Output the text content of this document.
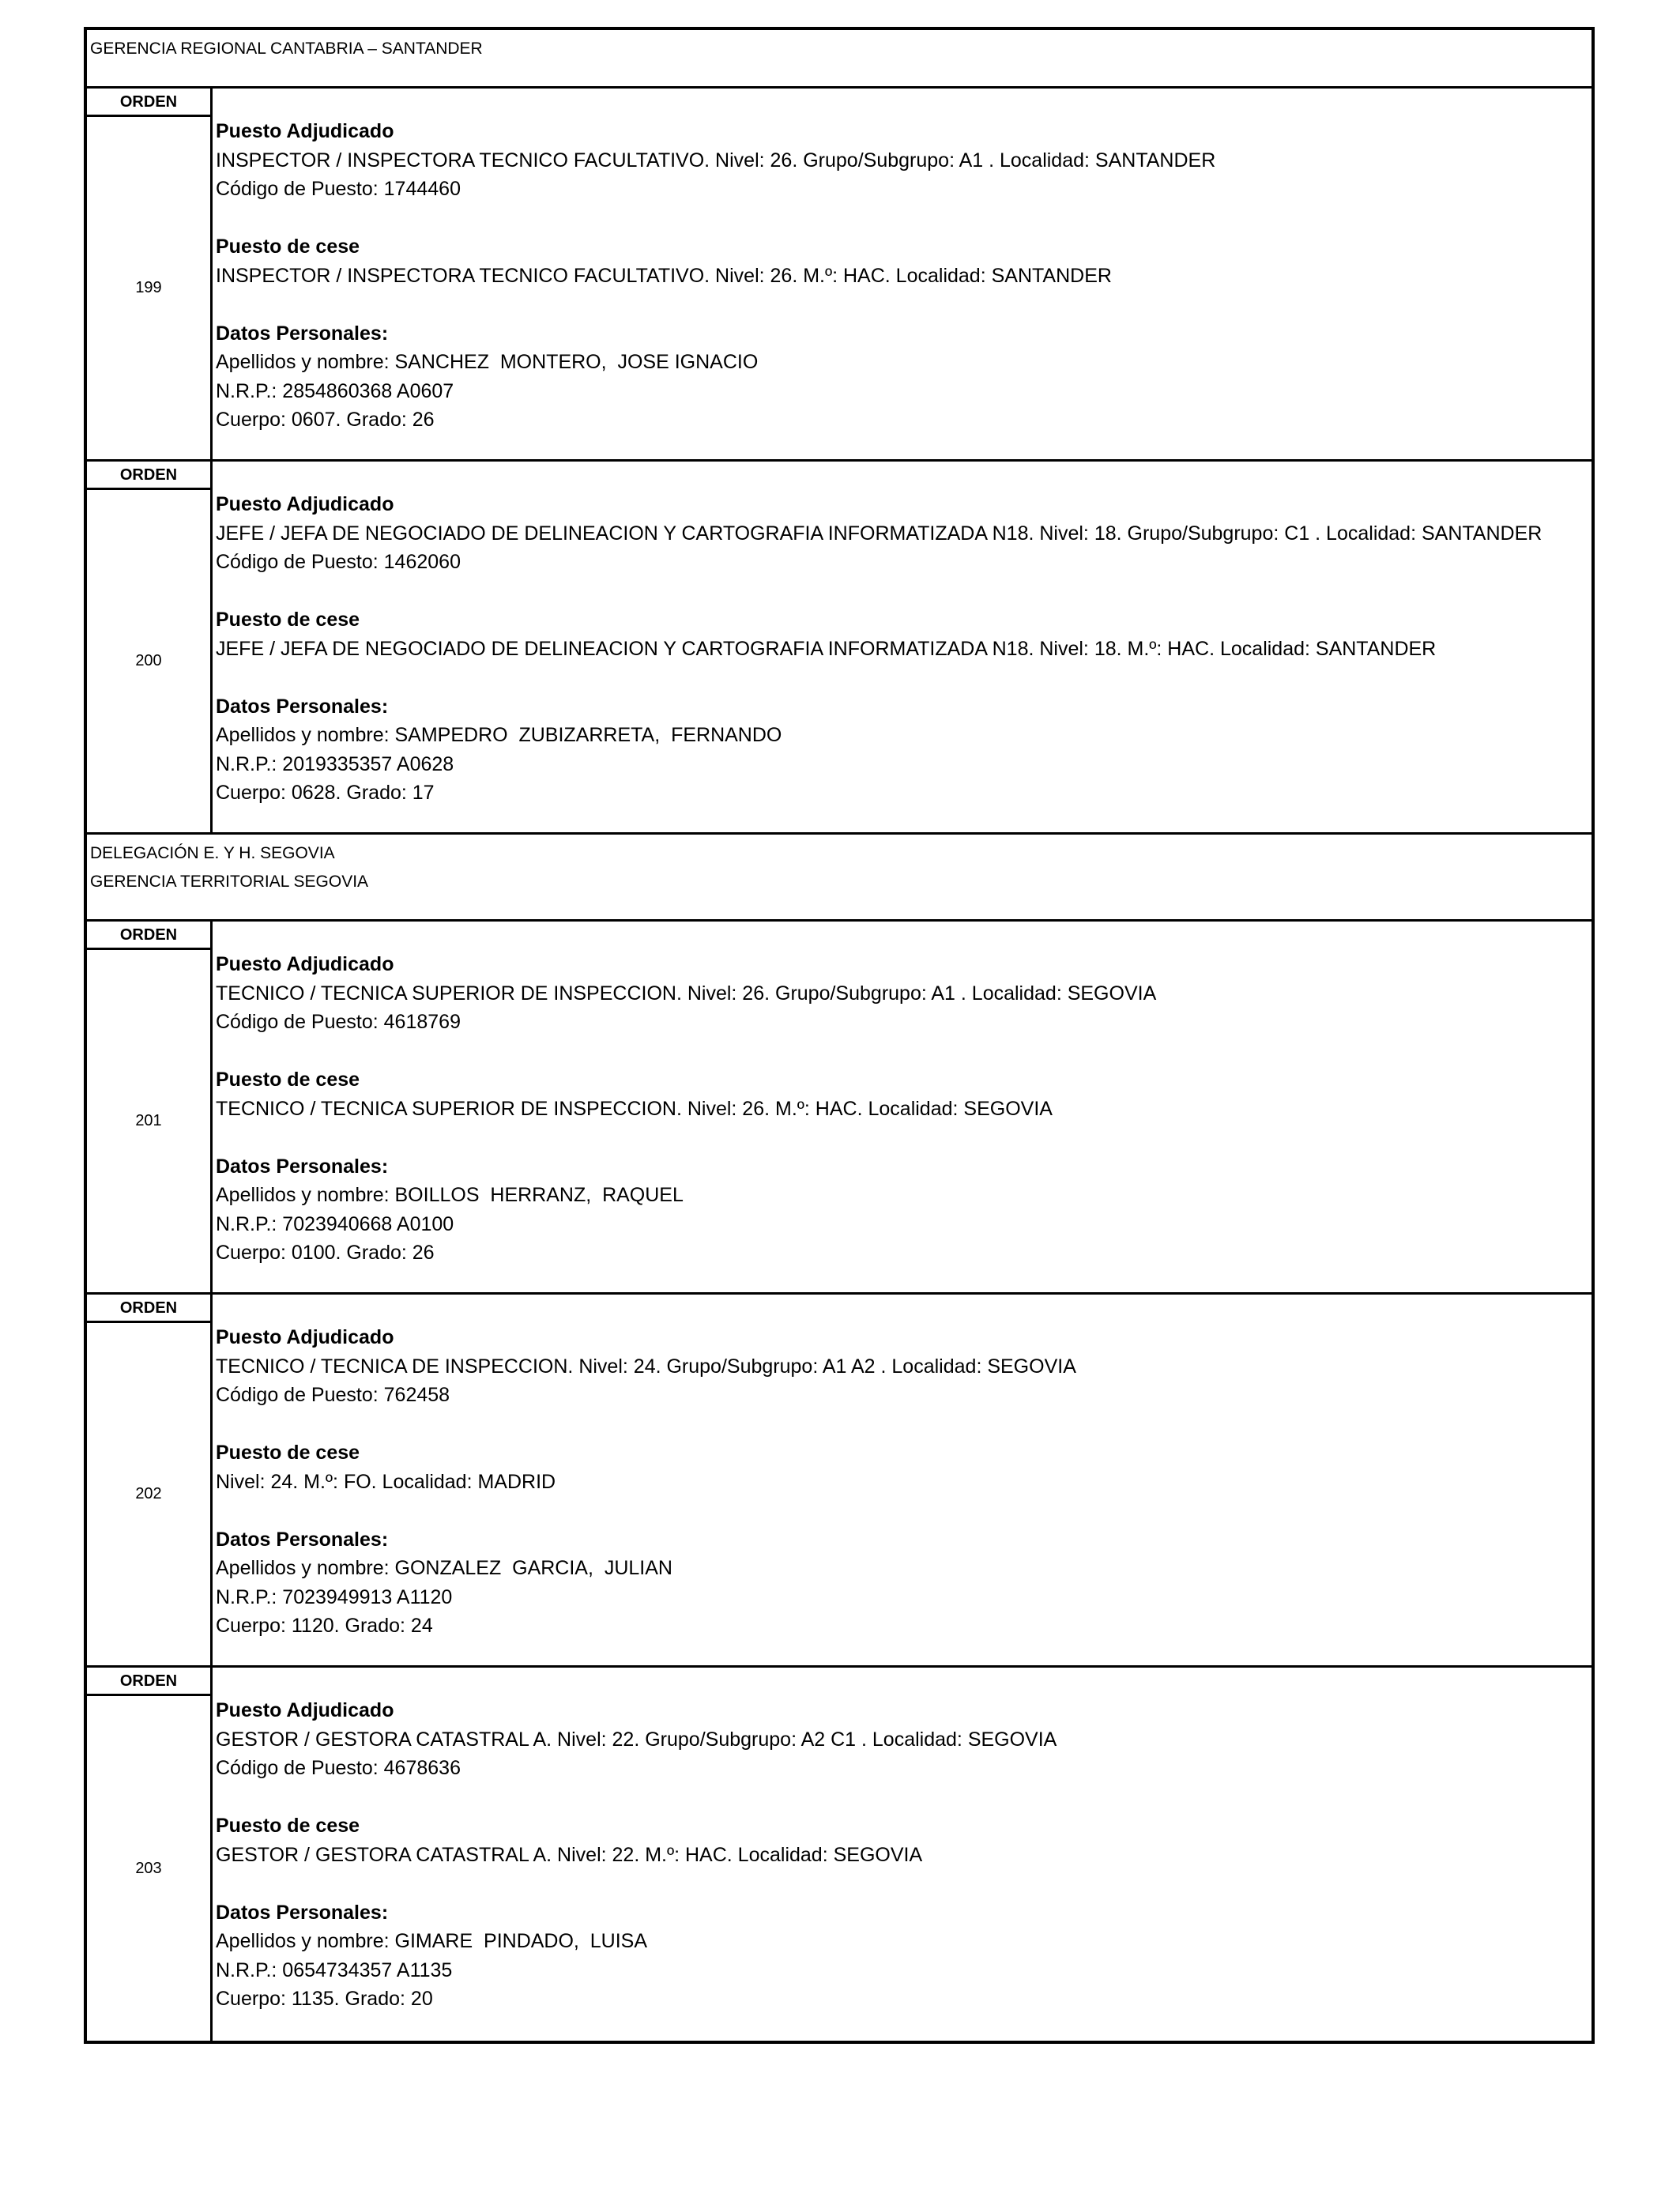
GERENCIA REGIONAL CANTABRIA – SANTANDER
ORDEN
199
Puesto Adjudicado
INSPECTOR / INSPECTORA TECNICO FACULTATIVO. Nivel: 26. Grupo/Subgrupo: A1 . Localidad: SANTANDER
Código de Puesto: 1744460
Puesto de cese
INSPECTOR / INSPECTORA TECNICO FACULTATIVO. Nivel: 26. M.º: HAC. Localidad: SANTANDER
Datos Personales:
Apellidos y nombre: SANCHEZ  MONTERO,  JOSE IGNACIO
N.R.P.: 2854860368 A0607
Cuerpo: 0607. Grado: 26
ORDEN
200
Puesto Adjudicado
JEFE / JEFA DE NEGOCIADO DE DELINEACION Y CARTOGRAFIA INFORMATIZADA N18. Nivel: 18. Grupo/Subgrupo: C1 . Localidad: SANTANDER
Código de Puesto: 1462060
Puesto de cese
JEFE / JEFA DE NEGOCIADO DE DELINEACION Y CARTOGRAFIA INFORMATIZADA N18. Nivel: 18. M.º: HAC. Localidad: SANTANDER
Datos Personales:
Apellidos y nombre: SAMPEDRO  ZUBIZARRETA,  FERNANDO
N.R.P.: 2019335357 A0628
Cuerpo: 0628. Grado: 17
DELEGACIÓN E. Y H. SEGOVIA
GERENCIA TERRITORIAL SEGOVIA
ORDEN
201
Puesto Adjudicado
TECNICO / TECNICA SUPERIOR DE INSPECCION. Nivel: 26. Grupo/Subgrupo: A1 . Localidad: SEGOVIA
Código de Puesto: 4618769
Puesto de cese
TECNICO / TECNICA SUPERIOR DE INSPECCION. Nivel: 26. M.º: HAC. Localidad: SEGOVIA
Datos Personales:
Apellidos y nombre: BOILLOS  HERRANZ,  RAQUEL
N.R.P.: 7023940668 A0100
Cuerpo: 0100. Grado: 26
ORDEN
202
Puesto Adjudicado
TECNICO / TECNICA DE INSPECCION. Nivel: 24. Grupo/Subgrupo: A1 A2 . Localidad: SEGOVIA
Código de Puesto: 762458
Puesto de cese
Nivel: 24. M.º: FO. Localidad: MADRID
Datos Personales:
Apellidos y nombre: GONZALEZ  GARCIA,  JULIAN
N.R.P.: 7023949913 A1120
Cuerpo: 1120. Grado: 24
ORDEN
203
Puesto Adjudicado
GESTOR / GESTORA CATASTRAL A. Nivel: 22. Grupo/Subgrupo: A2 C1 . Localidad: SEGOVIA
Código de Puesto: 4678636
Puesto de cese
GESTOR / GESTORA CATASTRAL A. Nivel: 22. M.º: HAC. Localidad: SEGOVIA
Datos Personales:
Apellidos y nombre: GIMARE  PINDADO,  LUISA
N.R.P.: 0654734357 A1135
Cuerpo: 1135. Grado: 20
